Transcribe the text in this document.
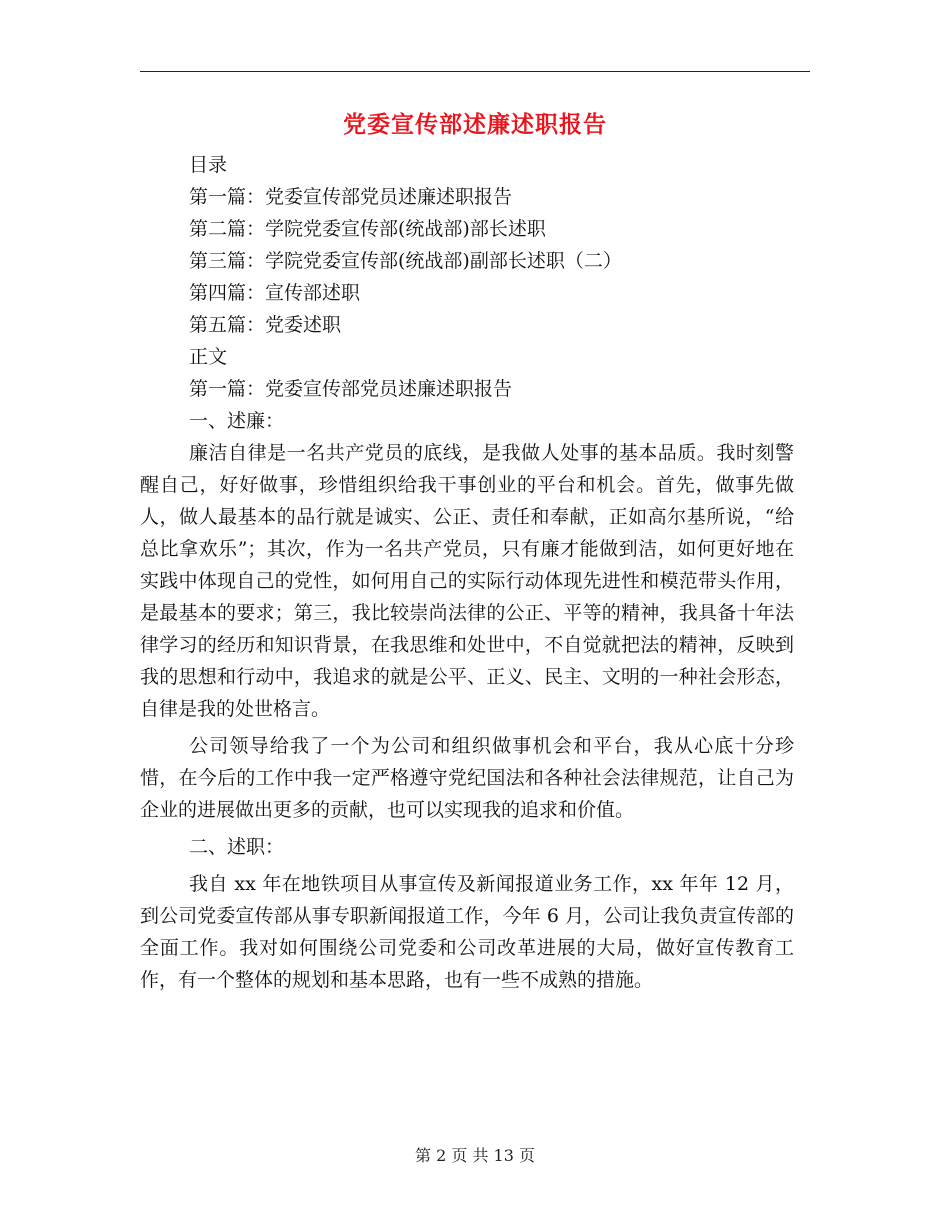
党委宣传部述廉述职报告
目录
第一篇：党委宣传部党员述廉述职报告
第二篇：学院党委宣传部(统战部)部长述职
第三篇：学院党委宣传部(统战部)副部长述职（二）
第四篇：宣传部述职
第五篇：党委述职
正文
第一篇：党委宣传部党员述廉述职报告
一、述廉：

廉洁自律是一名共产党员的底线，是我做人处事的基本品质。我时刻警醒自己，好好做事，珍惜组织给我干事创业的平台和机会。首先，做事先做人，做人最基本的品行就是诚实、公正、责任和奉献，正如高尔基所说，“给总比拿欢乐”；其次，作为一名共产党员，只有廉才能做到洁，如何更好地在实践中体现自己的党性，如何用自己的实际行动体现先进性和模范带头作用，是最基本的要求；第三，我比较崇尚法律的公正、平等的精神，我具备十年法律学习的经历和知识背景，在我思维和处世中，不自觉就把法的精神，反映到我的思想和行动中，我追求的就是公平、正义、民主、文明的一种社会形态，自律是我的处世格言。

公司领导给我了一个为公司和组织做事机会和平台，我从心底十分珍惜，在今后的工作中我一定严格遵守党纪国法和各种社会法律规范，让自己为企业的进展做出更多的贡献，也可以实现我的追求和价值。

二、述职：

我自 xx 年在地铁项目从事宣传及新闻报道业务工作，xx 年年 12 月，到公司党委宣传部从事专职新闻报道工作，今年 6 月，公司让我负责宣传部的全面工作。我对如何围绕公司党委和公司改革进展的大局，做好宣传教育工作，有一个整体的规划和基本思路，也有一些不成熟的措施。

第 2 页 共 13 页
